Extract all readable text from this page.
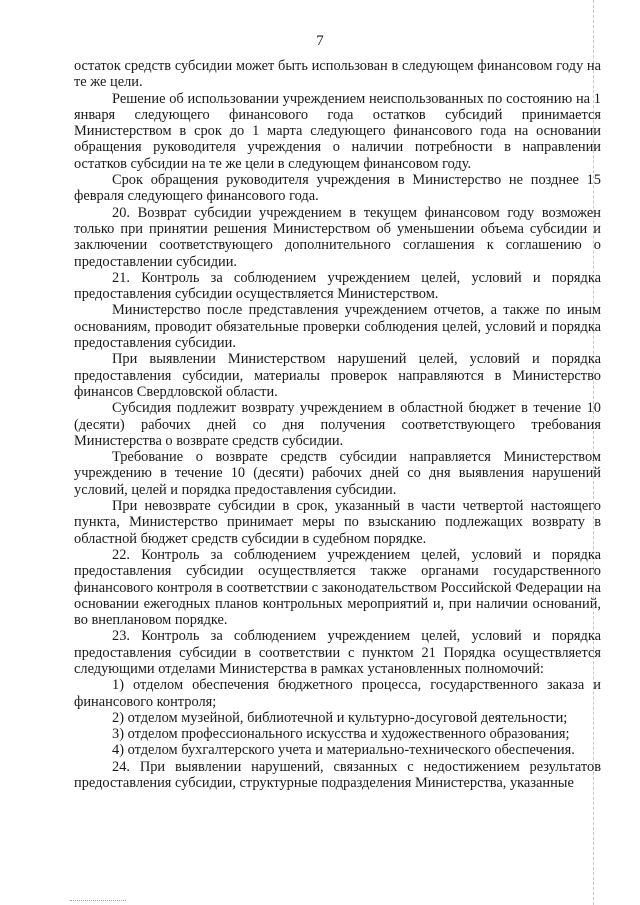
7

остаток средств субсидии может быть использован в следующем финансовом году на те же цели.

Решение об использовании учреждением неиспользованных по состоянию на 1 января следующего финансового года остатков субсидий принимается Министерством в срок до 1 марта следующего финансового года на основании обращения руководителя учреждения о наличии потребности в направлении остатков субсидии на те же цели в следующем финансовом году.

Срок обращения руководителя учреждения в Министерство не позднее 15 февраля следующего финансового года.

20. Возврат субсидии учреждением в текущем финансовом году возможен только при принятии решения Министерством об уменьшении объема субсидии и заключении соответствующего дополнительного соглашения к соглашению о предоставлении субсидии.

21. Контроль за соблюдением учреждением целей, условий и порядка предоставления субсидии осуществляется Министерством.

Министерство после представления учреждением отчетов, а также по иным основаниям, проводит обязательные проверки соблюдения целей, условий и порядка предоставления субсидии.

При выявлении Министерством нарушений целей, условий и порядка предоставления субсидии, материалы проверок направляются в Министерство финансов Свердловской области.

Субсидия подлежит возврату учреждением в областной бюджет в течение 10 (десяти) рабочих дней со дня получения соответствующего требования Министерства о возврате средств субсидии.

Требование о возврате средств субсидии направляется Министерством учреждению в течение 10 (десяти) рабочих дней со дня выявления нарушений условий, целей и порядка предоставления субсидии.

При невозврате субсидии в срок, указанный в части четвертой настоящего пункта, Министерство принимает меры по взысканию подлежащих возврату в областной бюджет средств субсидии в судебном порядке.

22. Контроль за соблюдением учреждением целей, условий и порядка предоставления субсидии осуществляется также органами государственного финансового контроля в соответствии с законодательством Российской Федерации на основании ежегодных планов контрольных мероприятий и, при наличии оснований, во внеплановом порядке.

23. Контроль за соблюдением учреждением целей, условий и порядка предоставления субсидии в соответствии с пунктом 21 Порядка осуществляется следующими отделами Министерства в рамках установленных полномочий:

1) отделом обеспечения бюджетного процесса, государственного заказа и финансового контроля;

2) отделом музейной, библиотечной и культурно-досуговой деятельности;

3) отделом профессионального искусства и художественного образования;

4) отделом бухгалтерского учета и материально-технического обеспечения.

24. При выявлении нарушений, связанных с недостижением результатов предоставления субсидии, структурные подразделения Министерства, указанные
